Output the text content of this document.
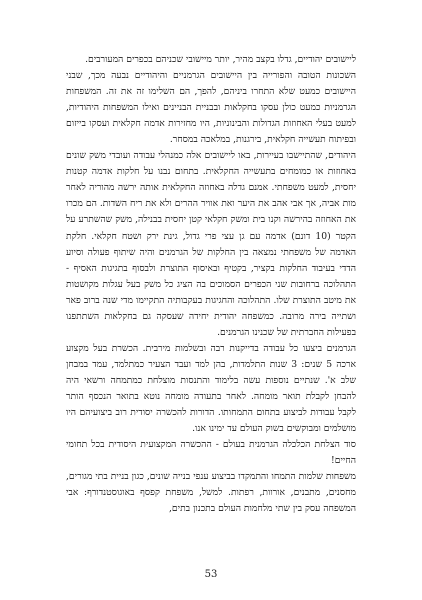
ליישובים יהודיים, גדלו בקצב מהיר, יותר מיישובי שכניהם בכפרים המעורבים.

השכונות הטובה והפורייה בין היישובים הגרמניים והיהודיים נבעה מכך, שבני היישובים כמעט שלא התחרו ביניהם, להפך, הם השלימו זה את זה. המשפחות הגרמניות כמעט כולן עסקו בחקלאות ובבניית הבניינים ואילו המשפחות היהודיות, למעט בעלי האחוזות הגדולות והבינוניות, היו מחזירות אדמה חקלאית ועסקו בייזום ובפיתוח תעשייה חקלאית, בירגנות, במלאכה במסחר.

היהודים, שהתיישבו בעיירות, באו ליישובים אלה כמנהלי עבודה ועובדי משק שונים באחוזות או כמומחים בתעשייה החקלאית. בתחום נבנו על חלקות אדמה קטנות יחסית, למעט משפחתי. אמנם גדלה באחוזה החקלאית אותה ירשה מהוריה לאחר מות אביה, אך אבי אהב את היער ואת אוויר ההרים ולא את ריח השדות. הם מכרו את האחוזה בהירשה וקנו בית ומשק חקלאי קטן יחסית בבנילה, משק שהשתרע על הקטר (10 דונם) אדמה עם גן עצי פרי גדול, גינת ירק ושטח חקלאי. חלקת האדמה של משפחתי נמצאה בין החלקות של הגרמנים והיה שיתוף פעולה וסיוע הדדי בעיבוד החלקות בקציר, בקטיף ובאיסוף התוצרת ולבסוף בתגיגות האסיף - התהלוכה ברחובות שני הכפרים הסמוכים בה הציג כל משק בעל עגלות מקושטות את מיטב התוצרת שלו. התהלוכה והחגיגות בעקבותיה התקיימו מדי שנה ברוב פאר ושתייה בירה מרובה. כמשפחה יהודית יחידה שעסקה גם בחקלאות השתתפנו בפעילות החברתית של שכנינו הגרמנים.

הגרמנים ביצעו כל עבודה בדייקנות רבה ובשלמות מירבית. הכשרת בעל מקצוע ארכה 5 שנים: 3 שנות התלמדות, בהן למד ועבד הצעיר כמתלמד, עמד במבחן שלב א'. שנתיים נוספות עשה בלימוד והתנסות מוצלחת כמתמחה ורשאי היה להבחן לקבלת תואר מומחה. לאחר בתעודה מומחה נוטא בתואר הנכסף הותר לקבל עבודות לביצוע בתחום התמחותו. הדורות להכשרה יסודית רוב ביצועיהם היו מושלמים ומבוקשים בשוק העולם עד ימינו אנו.

סוד הצלחת הכלכלה הגרמנית בעולם - ההכשרה המקצועית היסודית בכל תחומי החיים!

משפחות שלמות התמחו והתמקדו בביצוע ענפי בנייה שונים, כגון בניית בתי מגורים, מחסנים, מתבנים, אורוות, רפתות. למשל, משפחת קפסף באוגוסטנדורף: אבי המשפחה עסק בין שתי מלחמות העולם בתכנון בתים,

53
